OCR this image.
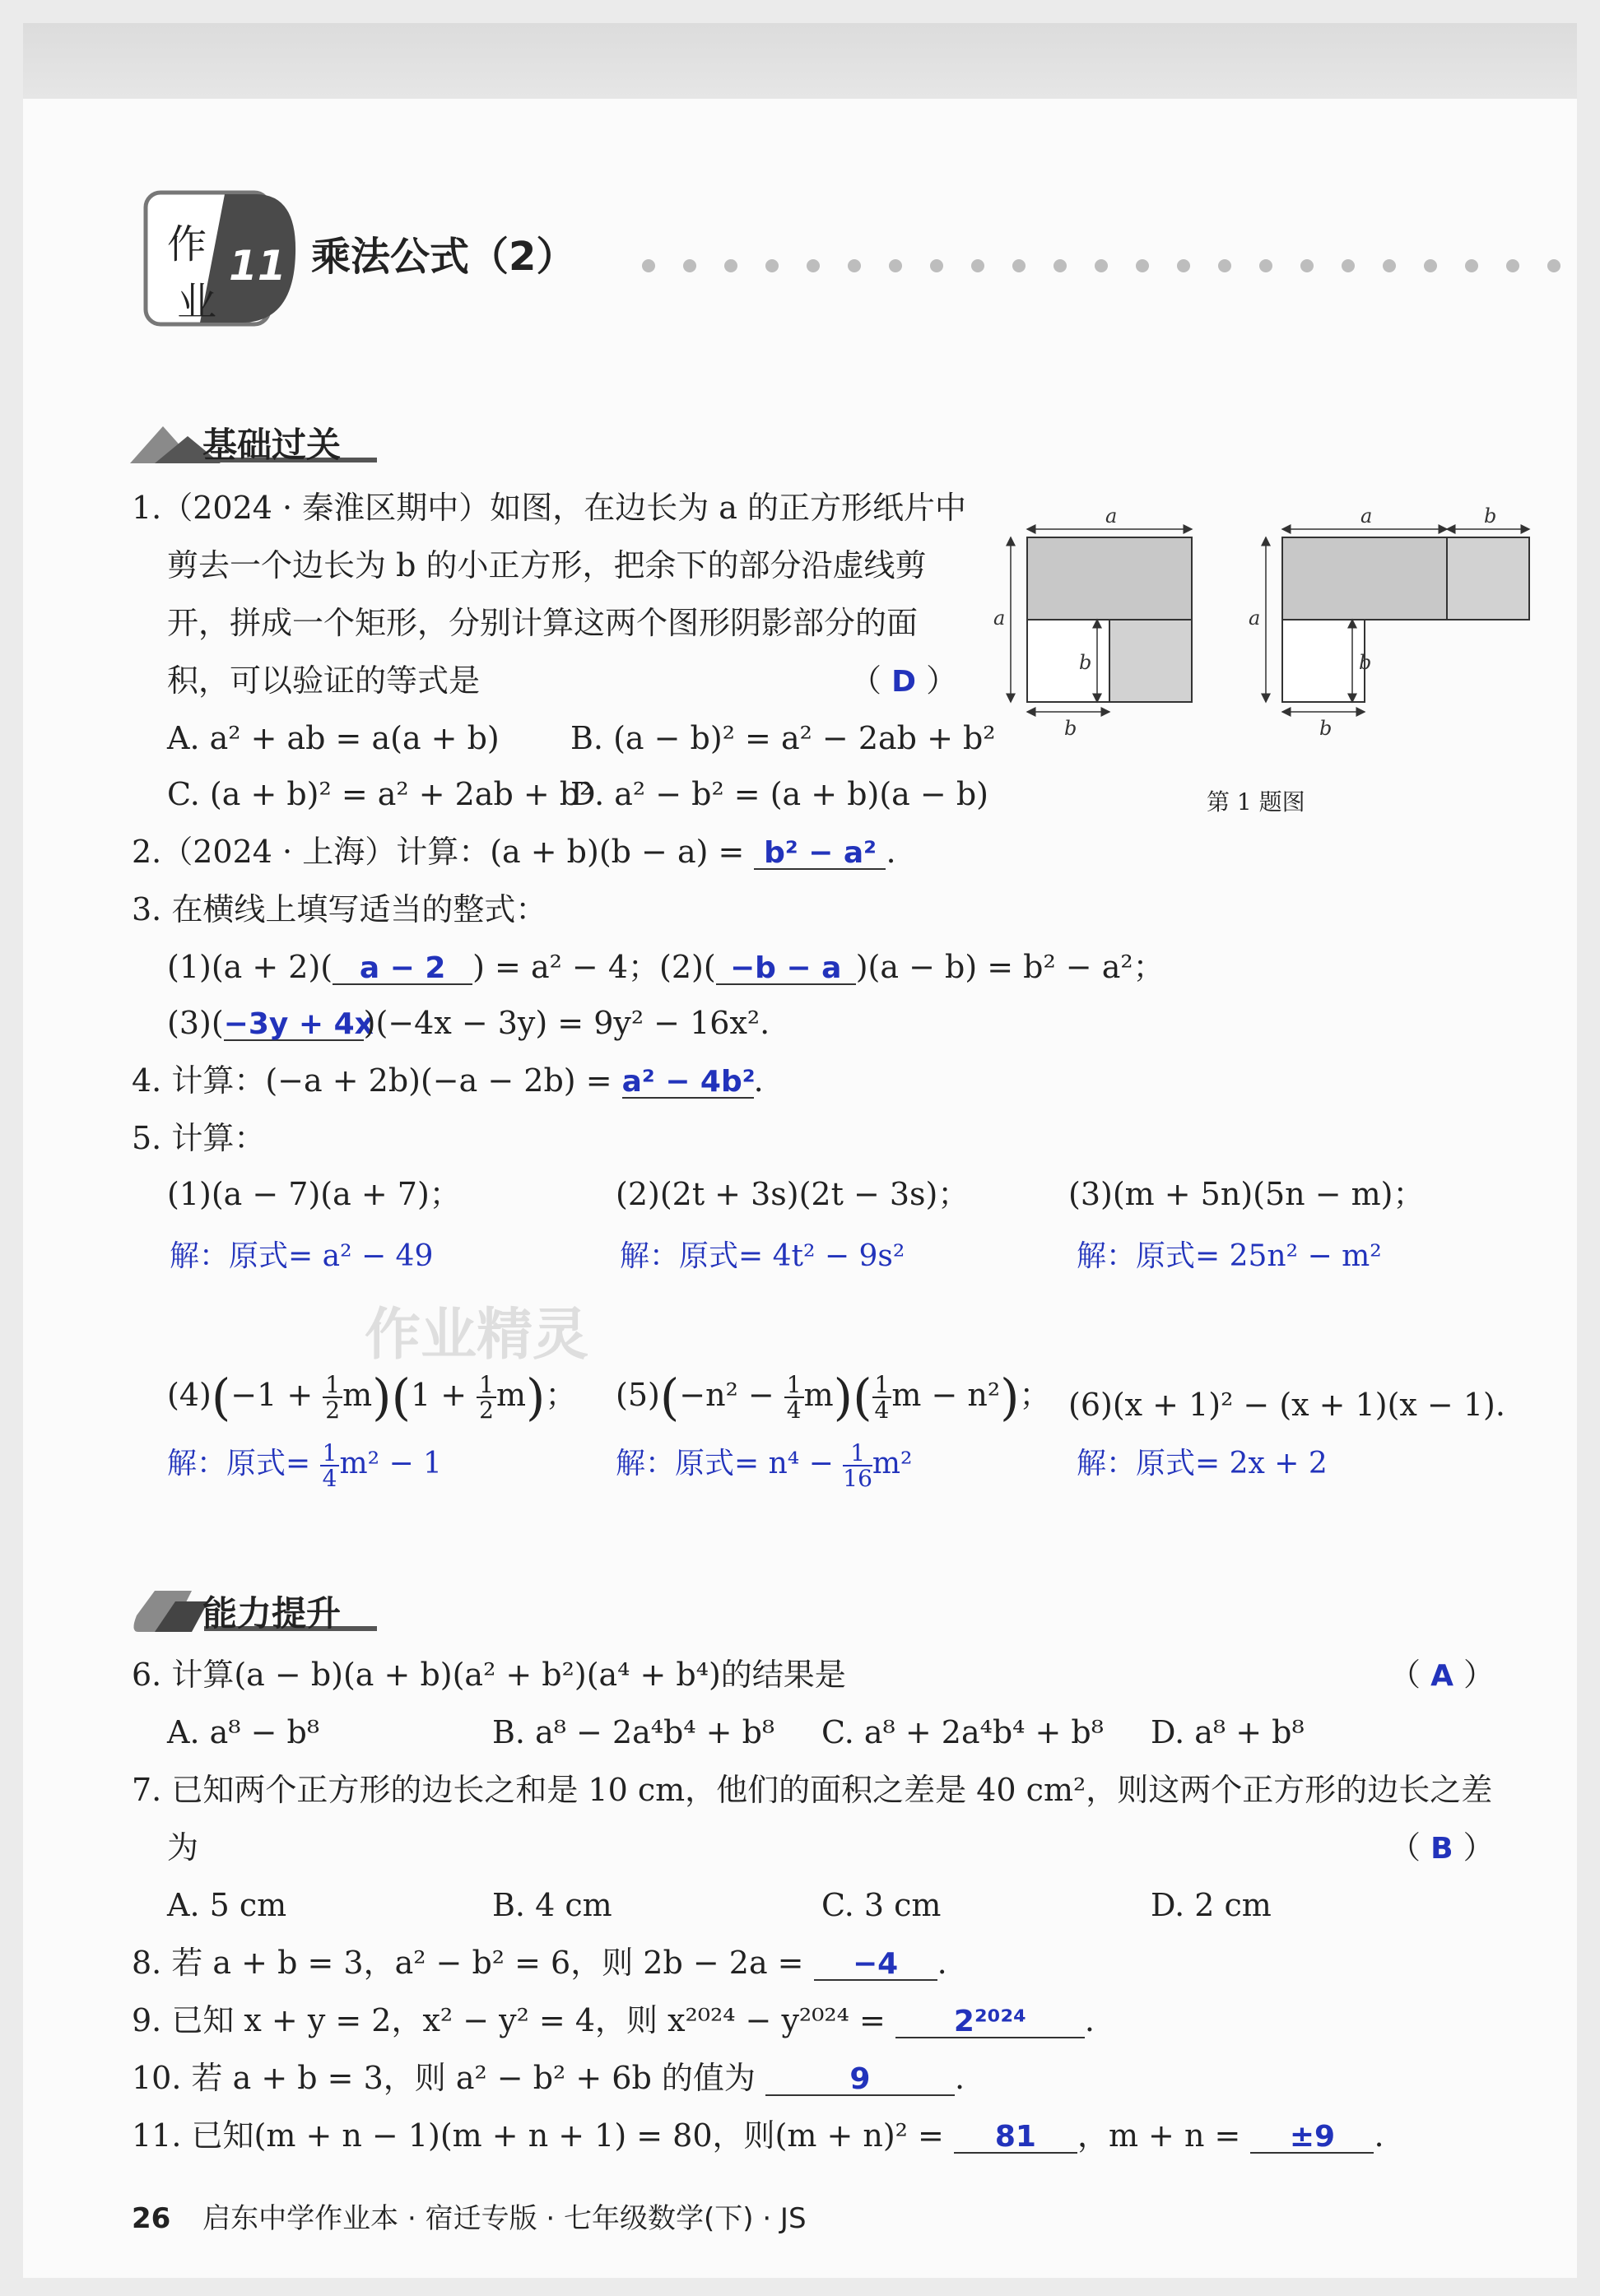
作
业
11 乘法公式（2）
基础过关
1.（2024 · 秦淮区期中）如图，在边长为 a 的正方形纸片中
剪去一个边长为 b 的小正方形，把余下的部分沿虚线剪
开，拼成一个矩形，分别计算这两个图形阴影部分的面
积，可以验证的等式是	（ D ）
A. a² + ab = a(a + b) B. (a − b)² = a² − 2ab + b²
C. (a + b)² = a² + 2ab + b²
D. a² − b² = (a + b)(a − b)
a
a
b
b
a	b
a
b
b
第 1 题图
2.（2024 · 上海）计算：(a + b)(b − a) = b² − a² .
3. 在横线上填写适当的整式：
(1)(a + 2)( a − 2 ) = a² − 4；(2)( −b − a )(a − b) = b² − a²；
(3)(−3y + 4x)(−4x − 3y) = 9y² − 16x².
4. 计算：(−a + 2b)(−a − 2b) = a² − 4b².
5. 计算：
(1)(a − 7)(a + 7)；	(2)(2t + 3s)(2t − 3s)；	(3)(m + 5n)(5n − m)；
解：原式= a² − 49	解：原式= 4t² − 9s²	解：原式= 25n² − m²
作业精灵
$(4)(-1 + \frac{1}{2} m)(1 + \frac{1}{2} m)$； $(5)(-n^2 - \frac{1}{4} m)( \frac{1}{4}$ m − n²)； (6)(x + 1)² − (x + 1)(x − 1).
解：原式= $\frac{1}{4} m^2 - 1$	解：原式= $n^4 - \frac{1}{16} m^2$	解：原式= 2x + 2
能力提升
6. 计算(a − b)(a + b)(a² + b²)(a⁴ + b⁴)的结果是	（ A ）
A. a⁸ − b⁸	B. a⁸ − 2a⁴b⁴ + b⁸ C. a⁸ + 2a⁴b⁴ + b⁸ D. a⁸ + b⁸
7. 已知两个正方形的边长之和是 10 cm，他们的面积之差是 40 cm²，则这两个正方形的边长之差
为	（ B ）
A. 5 cm	B. 4 cm	C. 3 cm	D. 2 cm
8. 若 a + b = 3，a² − b² = 6，则 2b − 2a = −4 .
9. 已知 x + y = 2，x² − y² = 4，则 x²⁰²⁴ − y²⁰²⁴ = 2²⁰²⁴ .
10. 若 a + b = 3，则 a² − b² + 6b 的值为	9	.
11. 已知(m + n − 1)(m + n + 1) = 80，则(m + n)² = 81 ，m + n = ±9 .
26 启东中学作业本 · 宿迁专版 · 七年级数学(下) · JS
